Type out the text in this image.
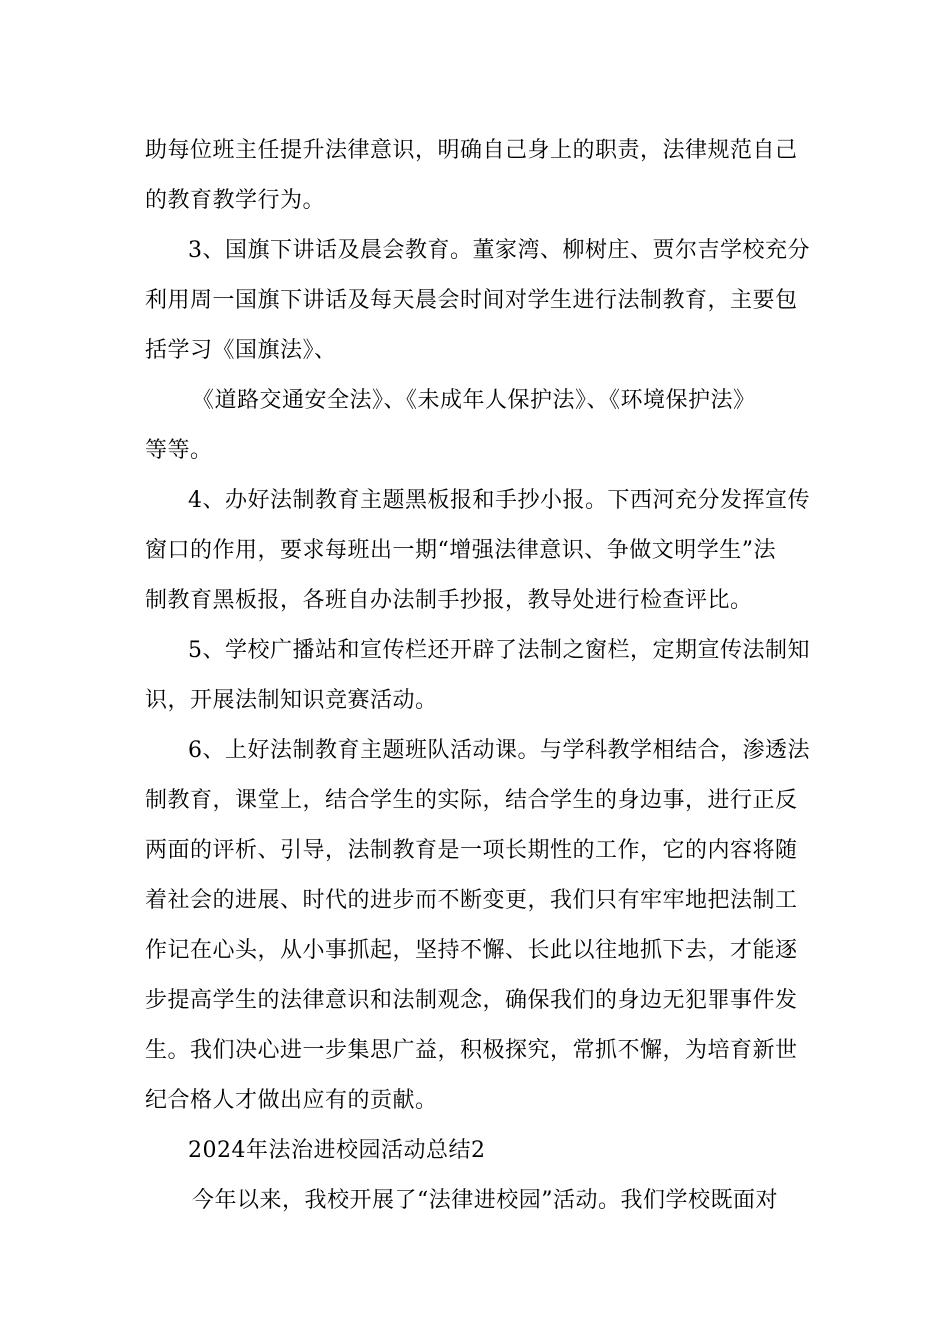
助每位班主任提升法律意识，明确自己身上的职责，法律规范自己
的教育教学行为。
3、国旗下讲话及晨会教育。董家湾、柳树庄、贾尔吉学校充分
利用周一国旗下讲话及每天晨会时间对学生进行法制教育，主要包
括学习《国旗法》、
《道路交通安全法》、《未成年人保护法》、《环境保护法》
等等。
4、办好法制教育主题黑板报和手抄小报。下西河充分发挥宣传
窗口的作用，要求每班出一期“增强法律意识、争做文明学生”法
制教育黑板报，各班自办法制手抄报，教导处进行检查评比。
5、学校广播站和宣传栏还开辟了法制之窗栏，定期宣传法制知
识，开展法制知识竞赛活动。
6、上好法制教育主题班队活动课。与学科教学相结合，渗透法
制教育，课堂上，结合学生的实际，结合学生的身边事，进行正反
两面的评析、引导，法制教育是一项长期性的工作，它的内容将随
着社会的进展、时代的进步而不断变更，我们只有牢牢地把法制工
作记在心头，从小事抓起，坚持不懈、长此以往地抓下去，才能逐
步提高学生的法律意识和法制观念，确保我们的身边无犯罪事件发
生。我们决心进一步集思广益，积极探究，常抓不懈，为培育新世
纪合格人才做出应有的贡献。
2024年法治进校园活动总结2
今年以来，我校开展了“法律进校园”活动。我们学校既面对
